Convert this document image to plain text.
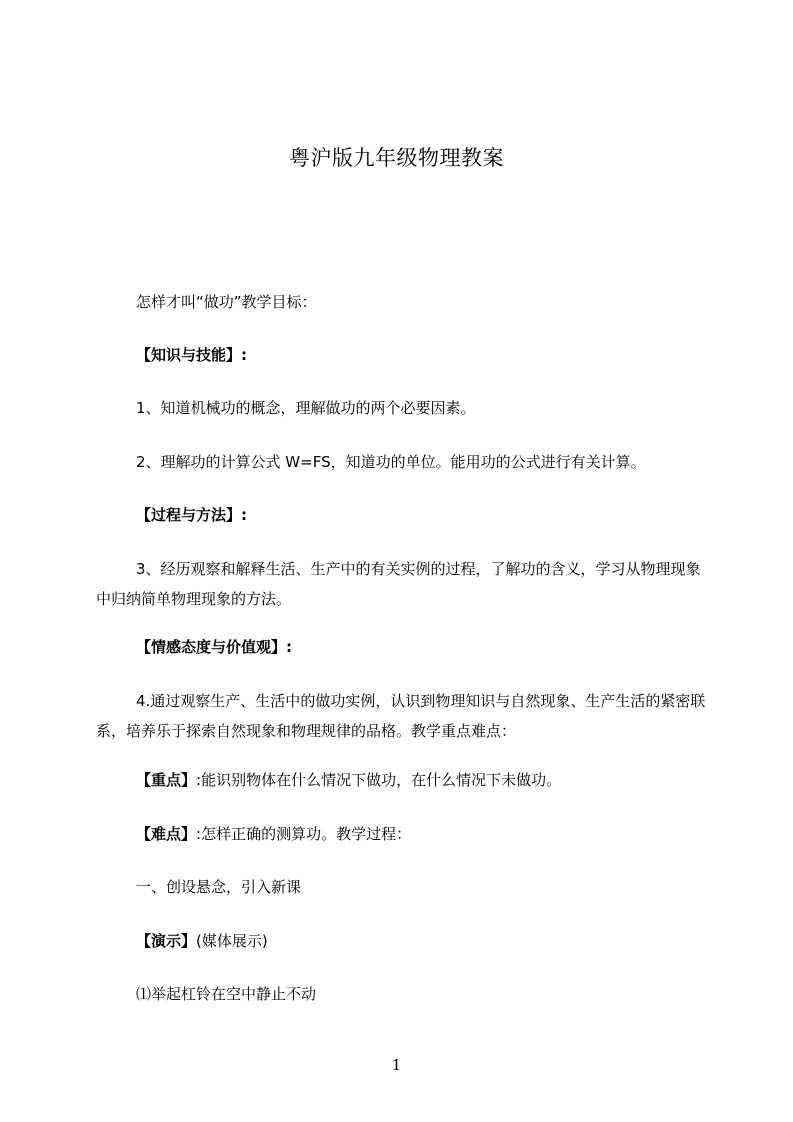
粤沪版九年级物理教案

怎样才叫“做功”教学目标：

【知识与技能】:

1、知道机械功的概念，理解做功的两个必要因素。

2、理解功的计算公式 W=FS，知道功的单位。能用功的公式进行有关计算。

【过程与方法】:

3、经历观察和解释生活、生产中的有关实例的过程，了解功的含义，学习从物理现象中归纳简单物理现象的方法。

【情感态度与价值观】:

4.通过观察生产、生活中的做功实例，认识到物理知识与自然现象、生产生活的紧密联系，培养乐于探索自然现象和物理规律的品格。教学重点难点：

【重点】:能识别物体在什么情况下做功，在什么情况下未做功。

【难点】:怎样正确的测算功。教学过程：

一、创设悬念，引入新课

【演示】(媒体展示)

⑴举起杠铃在空中静止不动

1
